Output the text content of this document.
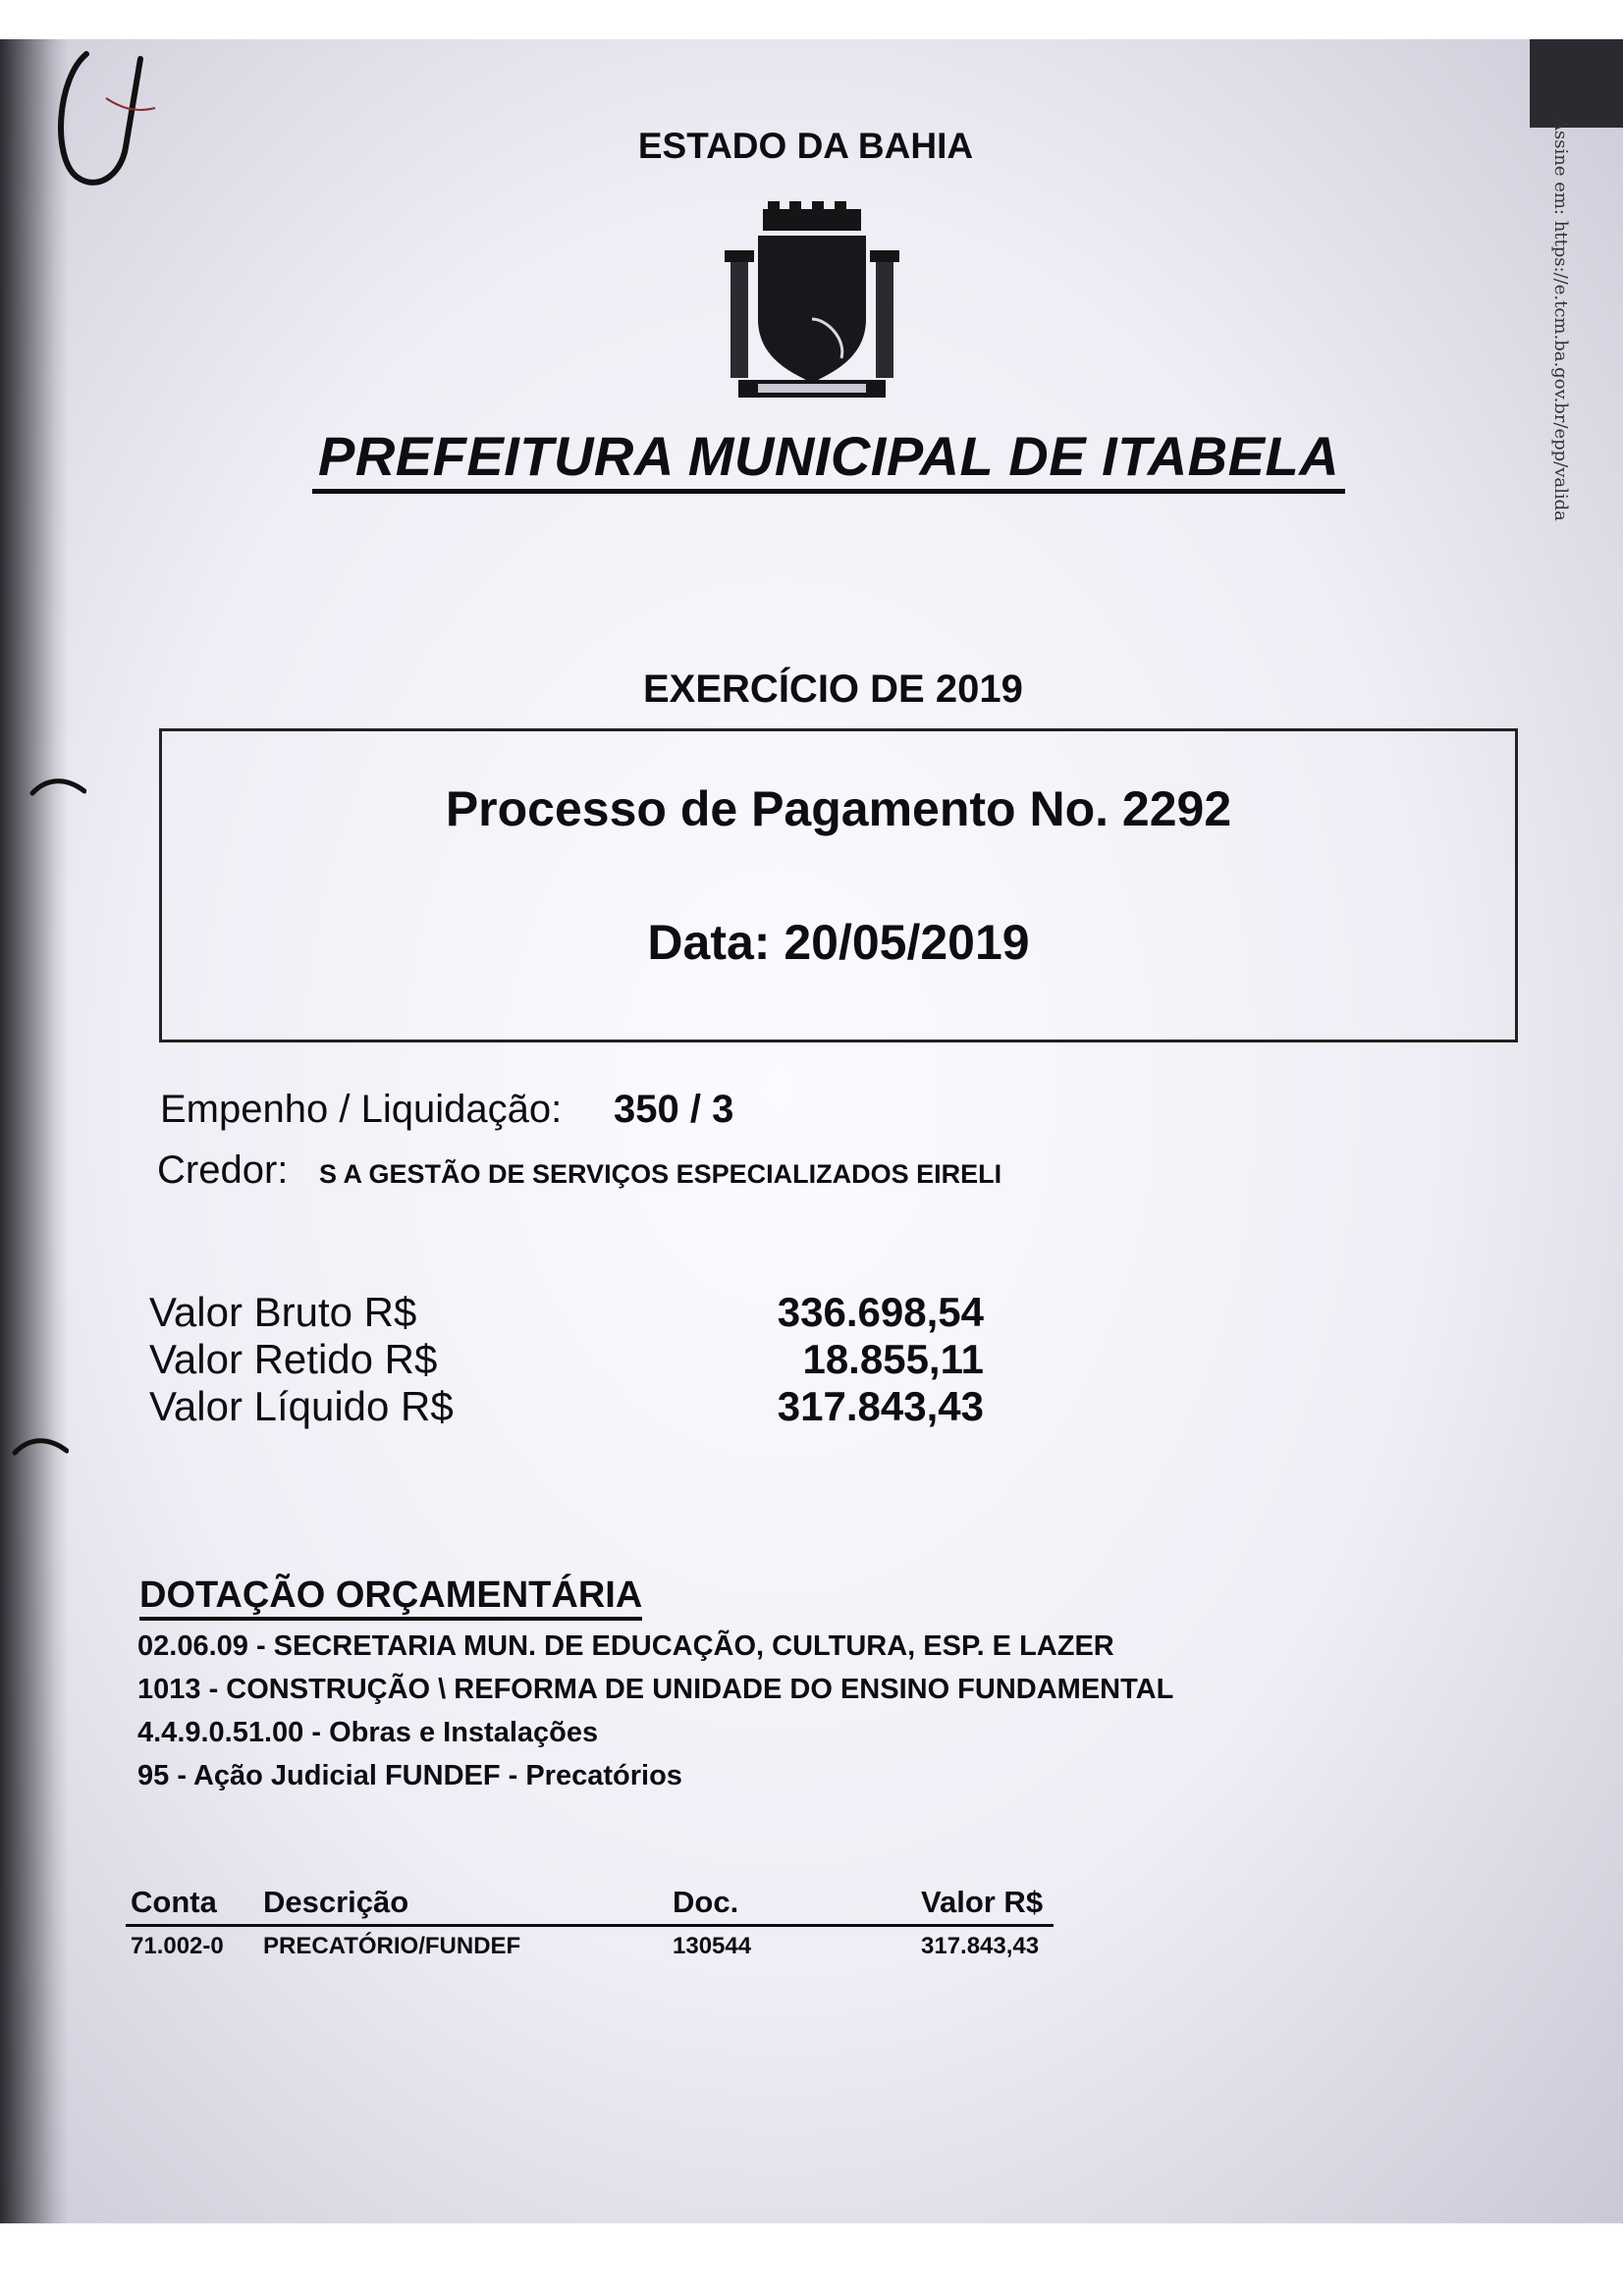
Assine em: https://e.tcm.ba.gov.br/epp/valida
ESTADO DA BAHIA
PREFEITURA MUNICIPAL DE ITABELA
EXERCÍCIO DE 2019
Processo de Pagamento No. 2292
Data: 20/05/2019
Empenho / Liquidação: 350 / 3
Credor: S A GESTÃO DE SERVIÇOS ESPECIALIZADOS EIRELI
Valor Bruto R$	336.698,54
Valor Retido R$	18.855,11
Valor Líquido R$	317.843,43
DOTAÇÃO ORÇAMENTÁRIA
02.06.09 - SECRETARIA MUN. DE EDUCAÇÃO, CULTURA, ESP. E LAZER
1013 - CONSTRUÇÃO \ REFORMA DE UNIDADE DO ENSINO FUNDAMENTAL
4.4.9.0.51.00 - Obras e Instalações
95 - Ação Judicial FUNDEF - Precatórios
Conta Descrição	Doc.	Valor R$
71.002-0 PRECATÓRIO/FUNDEF	130544	317.843,43
